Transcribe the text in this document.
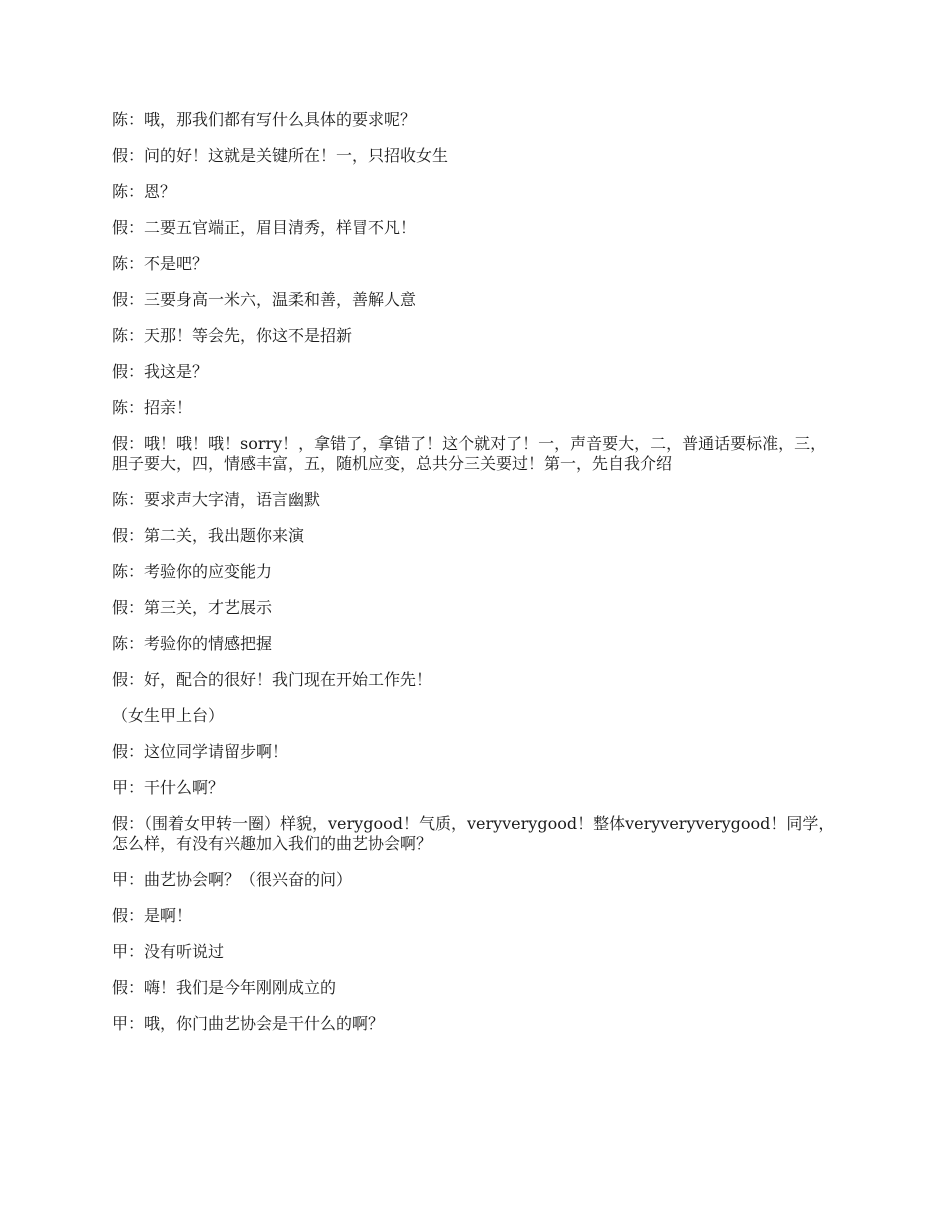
陈：哦，那我们都有写什么具体的要求呢？

假：问的好！这就是关键所在！一，只招收女生

陈：恩？

假：二要五官端正，眉目清秀，样冒不凡！

陈：不是吧？

假：三要身高一米六，温柔和善，善解人意

陈：天那！等会先，你这不是招新

假：我这是？

陈：招亲！

假：哦！哦！哦！sorry！，拿错了，拿错了！这个就对了！一，声音要大，二，普通话要标准，三，胆子要大，四，情感丰富，五，随机应变，总共分三关要过！第一，先自我介绍

陈：要求声大字清，语言幽默

假：第二关，我出题你来演

陈：考验你的应变能力

假：第三关，才艺展示

陈：考验你的情感把握

假：好，配合的很好！我门现在开始工作先！

（女生甲上台）

假：这位同学请留步啊！

甲：干什么啊？

假：（围着女甲转一圈）样貌，verygood！气质，veryverygood！整体veryveryverygood！同学，怎么样，有没有兴趣加入我们的曲艺协会啊？

甲：曲艺协会啊？（很兴奋的问）

假：是啊！

甲：没有听说过

假：嗨！我们是今年刚刚成立的

甲：哦，你门曲艺协会是干什么的啊？
